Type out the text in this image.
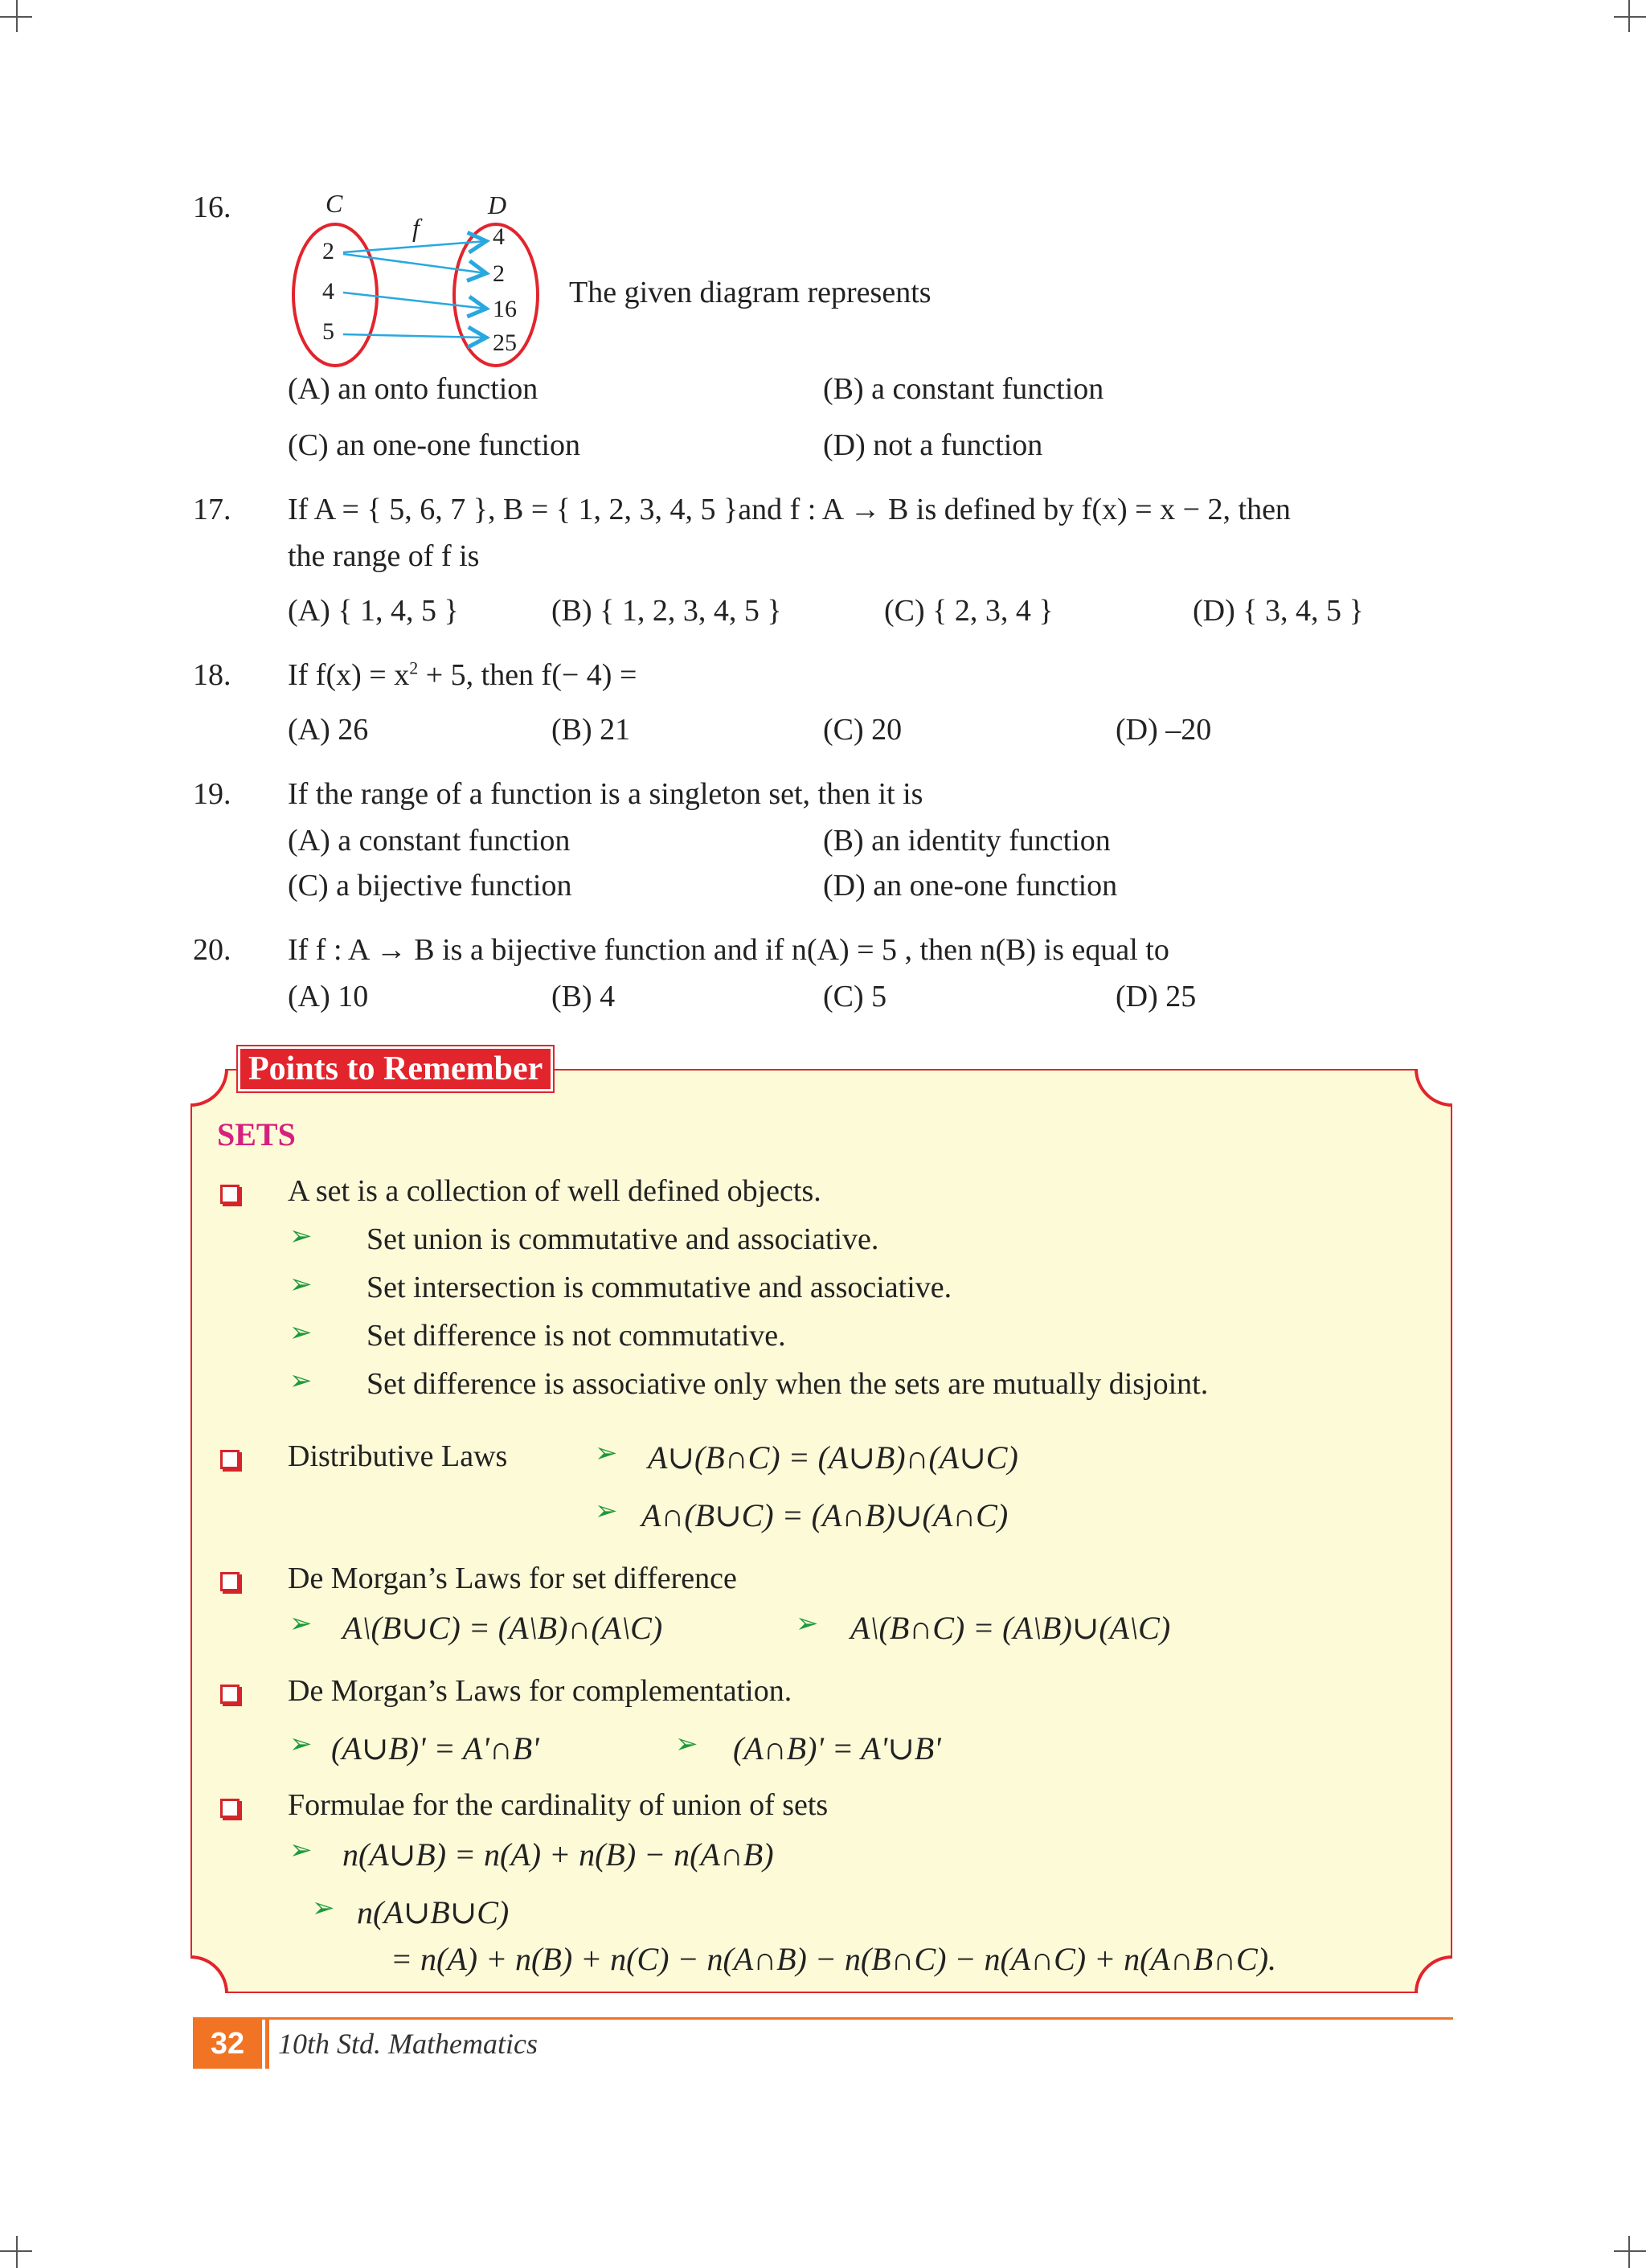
16.	C	D
f
2
4
5
4
2
16
25
The given diagram represents
(A) an onto function	(B) a constant function
(C) an one-one function	(D) not a function
17. If A = { 5, 6, 7 }, B = { 1, 2, 3, 4, 5 }and f : A → B is defined by f(x) = x − 2, then
the range of f is
(A) { 1, 4, 5 }	(B) { 1, 2, 3, 4, 5 }	(C) { 2, 3, 4 }	(D) { 3, 4, 5 }
18. If $f(x) = x^2 + 5$, then f(− 4) =
(A) 26	(B) 21	(C) 20	(D) –20
19. If the range of a function is a singleton set, then it is
(A) a constant function	(B) an identity function
(C) a bijective function	(D) an one-one function
20. If f : A → B is a bijective function and if n(A) = 5 , then n(B) is equal to
(A) 10	(B) 4	(C) 5	(D) 25
Points to Remember
SETS
A set is a collection of well defined objects.
➢ Set union is commutative and associative.
➢ Set intersection is commutative and associative.
➢ Set difference is not commutative.
➢ Set difference is associative only when the sets are mutually disjoint.
Distributive Laws	➢ A∪(B∩C) = (A∪B)∩(A∪C)
➢ A∩(B∪C) = (A∩B)∪(A∩C)
De Morgan’s Laws for set difference
➢ A\(B∪C) = (A\B)∩(A\C)	➢ A\(B∩C) = (A\B)∪(A\C)
De Morgan’s Laws for complementation.
➢ (A∪B)' = A'∩B'	➢ (A∩B)' = A'∪B'
Formulae for the cardinality of union of sets
➢ n(A∪B) = n(A) + n(B) − n(A∩B)
➢ n(A∪B∪C)
= n(A) + n(B) + n(C) − n(A∩B) − n(B∩C) − n(A∩C) + n(A∩B∩C).
32	10th Std. Mathematics
